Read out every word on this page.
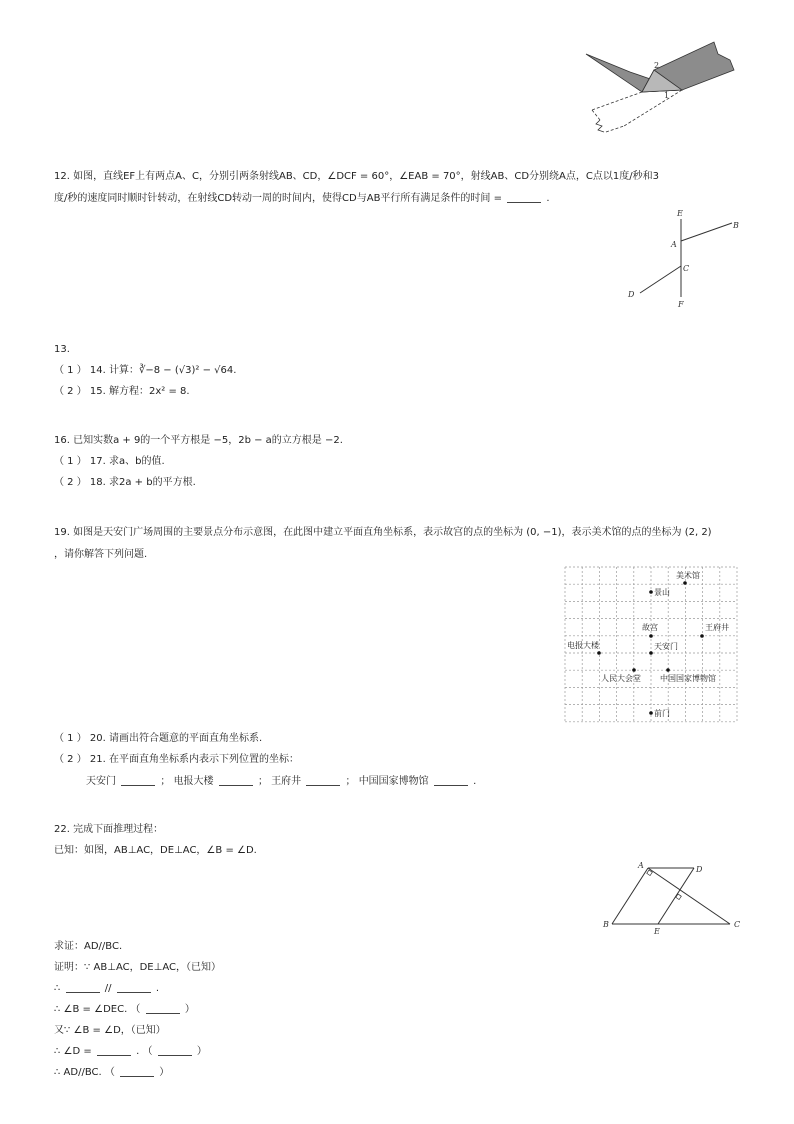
2
1
12. 如图，直线EF上有两点A、C，分别引两条射线AB、CD，∠DCF = 60°，∠EAB = 70°，射线AB、CD分别绕A点，C点以1度/秒和3
度/秒的速度同时顺时针转动，在射线CD转动一周的时间内，使得CD与AB平行所有满足条件的时间 =	.
E
B
A
C
D
F
13.
（ 1 ） 14. 计算：∛−8 − (√3)² − √64.
（ 2 ） 15. 解方程：2x² = 8.
16. 已知实数a + 9的一个平方根是 −5，2b − a的立方根是 −2.
（ 1 ） 17. 求a、b的值.
（ 2 ） 18. 求2a + b的平方根.
19. 如图是天安门广场周围的主要景点分布示意图，在此图中建立平面直角坐标系，表示故宫的点的坐标为 (0, −1)，表示美术馆的点的坐标为 (2, 2)
，请你解答下列问题.
美术馆
景山
故宫	王府井
电报大楼	天安门
人民大会堂 中国国家博物馆
前门
（ 1 ） 20. 请画出符合题意的平面直角坐标系.
（ 2 ） 21. 在平面直角坐标系内表示下列位置的坐标：
天安门	； 电报大楼	； 王府井	； 中国国家博物馆	.
22. 完成下面推理过程：
已知：如图，AB⊥AC，DE⊥AC，∠B = ∠D.
A	D
B
E
C
求证：AD//BC.
证明：∵ AB⊥AC，DE⊥AC，（已知）
∴	//	.
∴ ∠B = ∠DEC. （	）
又∵ ∠B = ∠D，（已知）
∴ ∠D =	. （	）
∴ AD//BC. （	）
